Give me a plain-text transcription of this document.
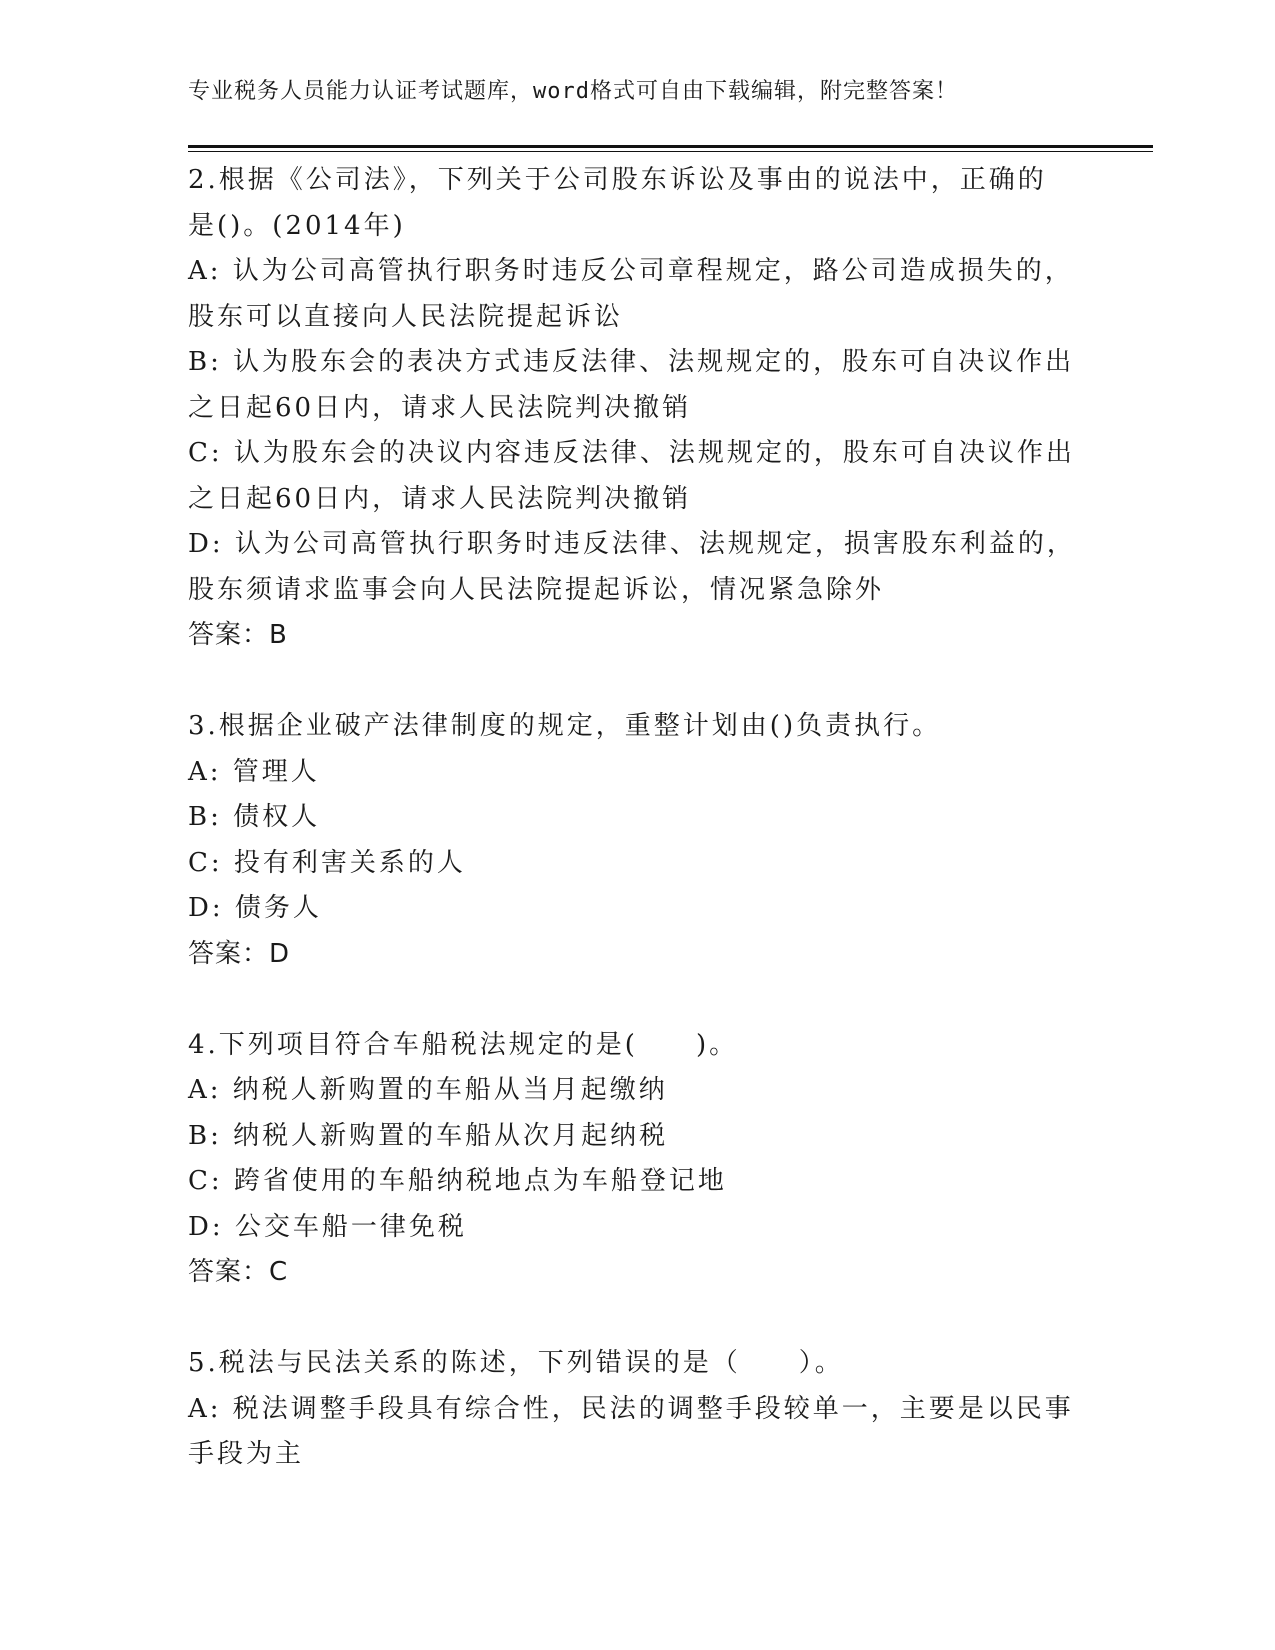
专业税务人员能力认证考试题库，word格式可自由下载编辑，附完整答案！
2.根据《公司法》，下列关于公司股东诉讼及事由的说法中，正确的
是()。(2014年)
A: 认为公司高管执行职务时违反公司章程规定，路公司造成损失的，
股东可以直接向人民法院提起诉讼
B: 认为股东会的表决方式违反法律、法规规定的，股东可自决议作出
之日起60日内，请求人民法院判决撤销
C: 认为股东会的决议内容违反法律、法规规定的，股东可自决议作出
之日起60日内，请求人民法院判决撤销
D: 认为公司高管执行职务时违反法律、法规规定，损害股东利益的，
股东须请求监事会向人民法院提起诉讼，情况紧急除外
答案：B
3.根据企业破产法律制度的规定，重整计划由()负责执行。
A: 管理人
B: 债权人
C: 投有利害关系的人
D: 债务人
答案：D
4.下列项目符合车船税法规定的是(　　)。
A: 纳税人新购置的车船从当月起缴纳
B: 纳税人新购置的车船从次月起纳税
C: 跨省使用的车船纳税地点为车船登记地
D: 公交车船一律免税
答案：C
5.税法与民法关系的陈述，下列错误的是（　　）。
A: 税法调整手段具有综合性，民法的调整手段较单一，主要是以民事
手段为主
